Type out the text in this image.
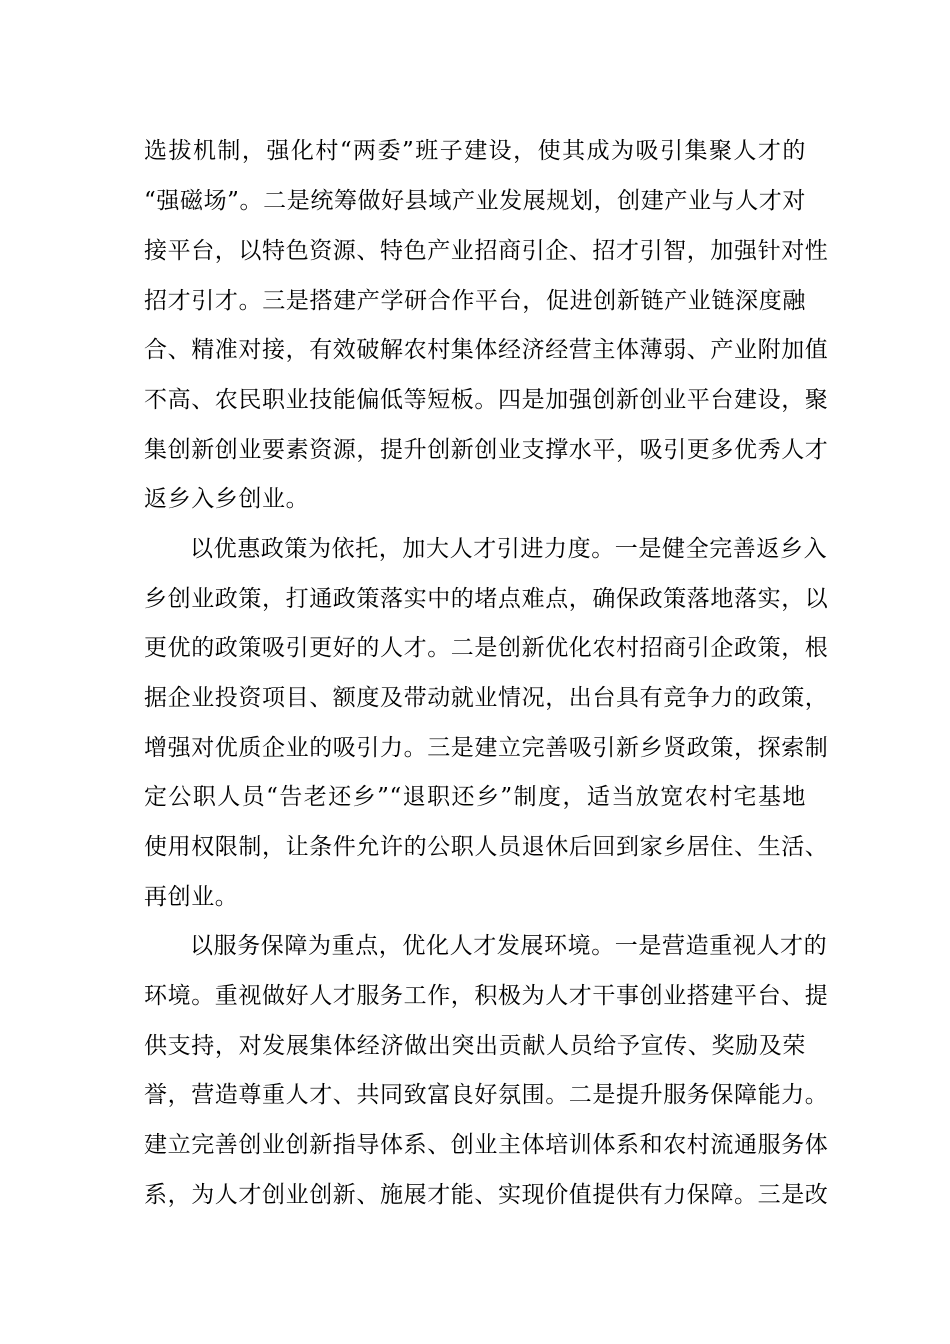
选拔机制，强化村“两委”班子建设，使其成为吸引集聚人才的
“强磁场”。二是统筹做好县域产业发展规划，创建产业与人才对
接平台，以特色资源、特色产业招商引企、招才引智，加强针对性
招才引才。三是搭建产学研合作平台，促进创新链产业链深度融
合、精准对接，有效破解农村集体经济经营主体薄弱、产业附加值
不高、农民职业技能偏低等短板。四是加强创新创业平台建设，聚
集创新创业要素资源，提升创新创业支撑水平，吸引更多优秀人才
返乡入乡创业。
以优惠政策为依托，加大人才引进力度。一是健全完善返乡入
乡创业政策，打通政策落实中的堵点难点，确保政策落地落实，以
更优的政策吸引更好的人才。二是创新优化农村招商引企政策，根
据企业投资项目、额度及带动就业情况，出台具有竞争力的政策，
增强对优质企业的吸引力。三是建立完善吸引新乡贤政策，探索制
定公职人员“告老还乡”“退职还乡”制度，适当放宽农村宅基地
使用权限制，让条件允许的公职人员退休后回到家乡居住、生活、
再创业。
以服务保障为重点，优化人才发展环境。一是营造重视人才的
环境。重视做好人才服务工作，积极为人才干事创业搭建平台、提
供支持，对发展集体经济做出突出贡献人员给予宣传、奖励及荣
誉，营造尊重人才、共同致富良好氛围。二是提升服务保障能力。
建立完善创业创新指导体系、创业主体培训体系和农村流通服务体
系，为人才创业创新、施展才能、实现价值提供有力保障。三是改
